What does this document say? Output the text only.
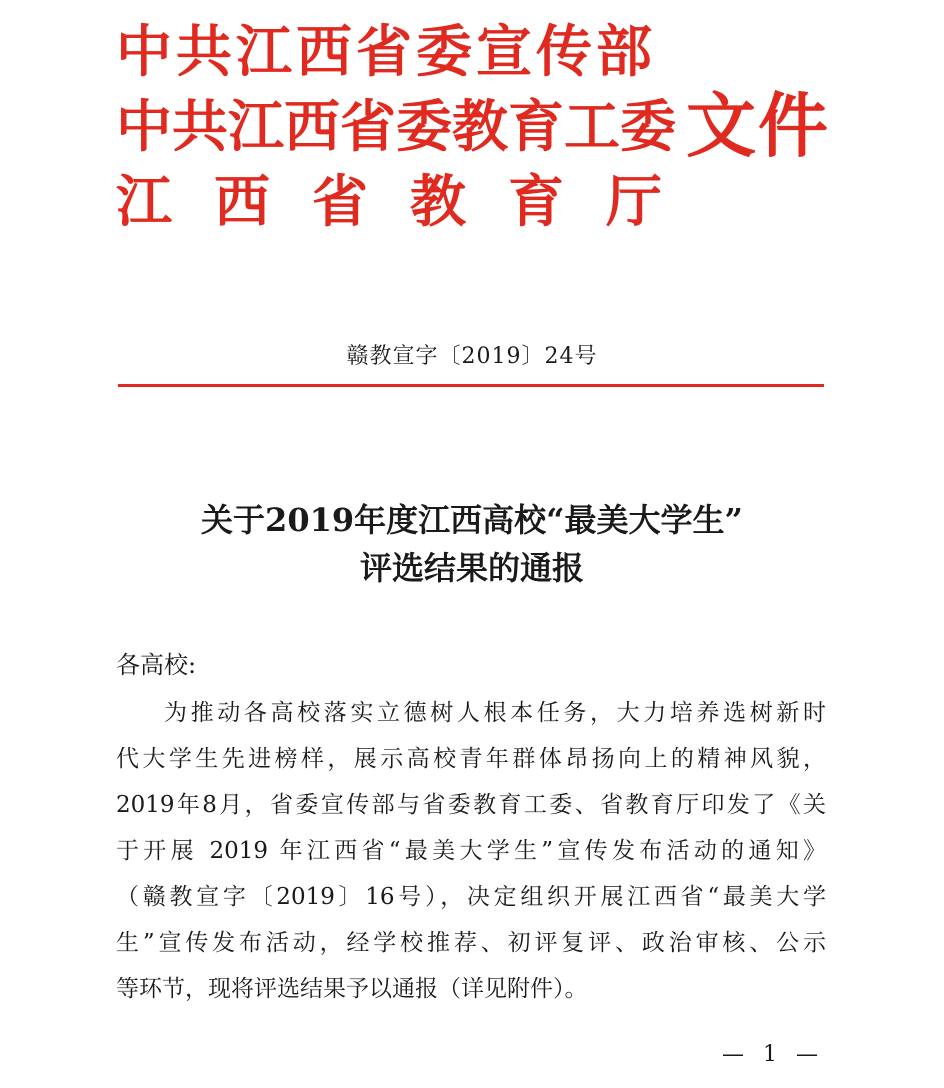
中共江西省委宣传部
中共江西省委教育工委
江西省教育厅
文件
赣教宣字〔2019〕24号
关于2019年度江西高校“最美大学生”
评选结果的通报
各高校:
为推动各高校落实立德树人根本任务，大力培养选树新时
代大学生先进榜样，展示高校青年群体昂扬向上的精神风貌，
2019年8月，省委宣传部与省委教育工委、省教育厅印发了《关
于开展 2019 年江西省“最美大学生”宣传发布活动的通知》
（赣教宣字〔2019〕16号），决定组织开展江西省“最美大学
生”宣传发布活动，经学校推荐、初评复评、政治审核、公示
等环节，现将评选结果予以通报（详见附件）。
— 1 —
